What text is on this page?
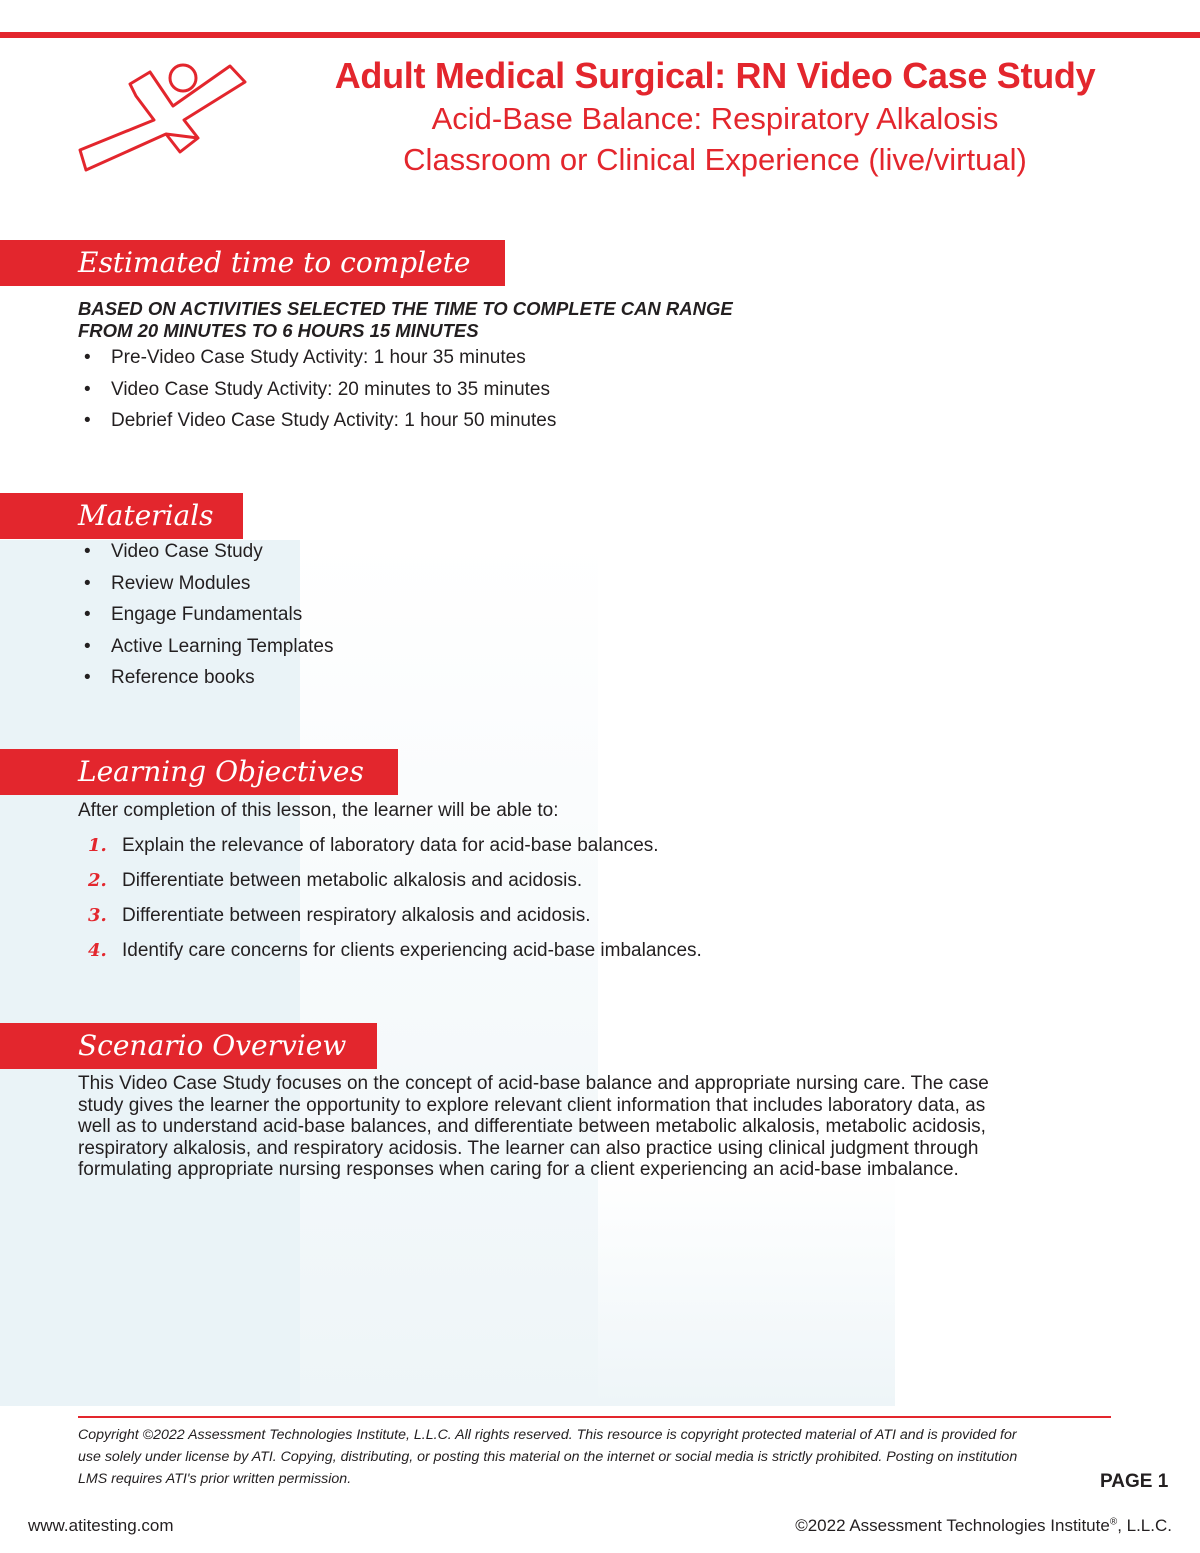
Adult Medical Surgical: RN Video Case Study
Acid-Base Balance: Respiratory Alkalosis
Classroom or Clinical Experience (live/virtual)
Estimated time to complete

BASED ON ACTIVITIES SELECTED THE TIME TO COMPLETE CAN RANGE
FROM 20 MINUTES TO 6 HOURS 15 MINUTES

• Pre-Video Case Study Activity: 1 hour 35 minutes
• Video Case Study Activity: 20 minutes to 35 minutes
• Debrief Video Case Study Activity: 1 hour 50 minutes
Materials
• Video Case Study
• Review Modules
• Engage Fundamentals
• Active Learning Templates
• Reference books
Learning Objectives
After completion of this lesson, the learner will be able to:
1. Explain the relevance of laboratory data for acid-base balances.
2. Differentiate between metabolic alkalosis and acidosis.
3. Differentiate between respiratory alkalosis and acidosis.
4. Identify care concerns for clients experiencing acid-base imbalances.
Scenario Overview

This Video Case Study focuses on the concept of acid-base balance and appropriate nursing care. The case
study gives the learner the opportunity to explore relevant client information that includes laboratory data, as
well as to understand acid-base balances, and differentiate between metabolic alkalosis, metabolic acidosis,
respiratory alkalosis, and respiratory acidosis. The learner can also practice using clinical judgment through
formulating appropriate nursing responses when caring for a client experiencing an acid-base imbalance.

Copyright ©2022 Assessment Technologies Institute, L.L.C. All rights reserved. This resource is copyright protected material of ATI and is provided for
use solely under license by ATI. Copying, distributing, or posting this material on the internet or social media is strictly prohibited. Posting on institution
LMS requires ATI's prior written permission.	PAGE 1
www.atitesting.com	©2022 Assessment Technologies Institute®, L.L.C.
